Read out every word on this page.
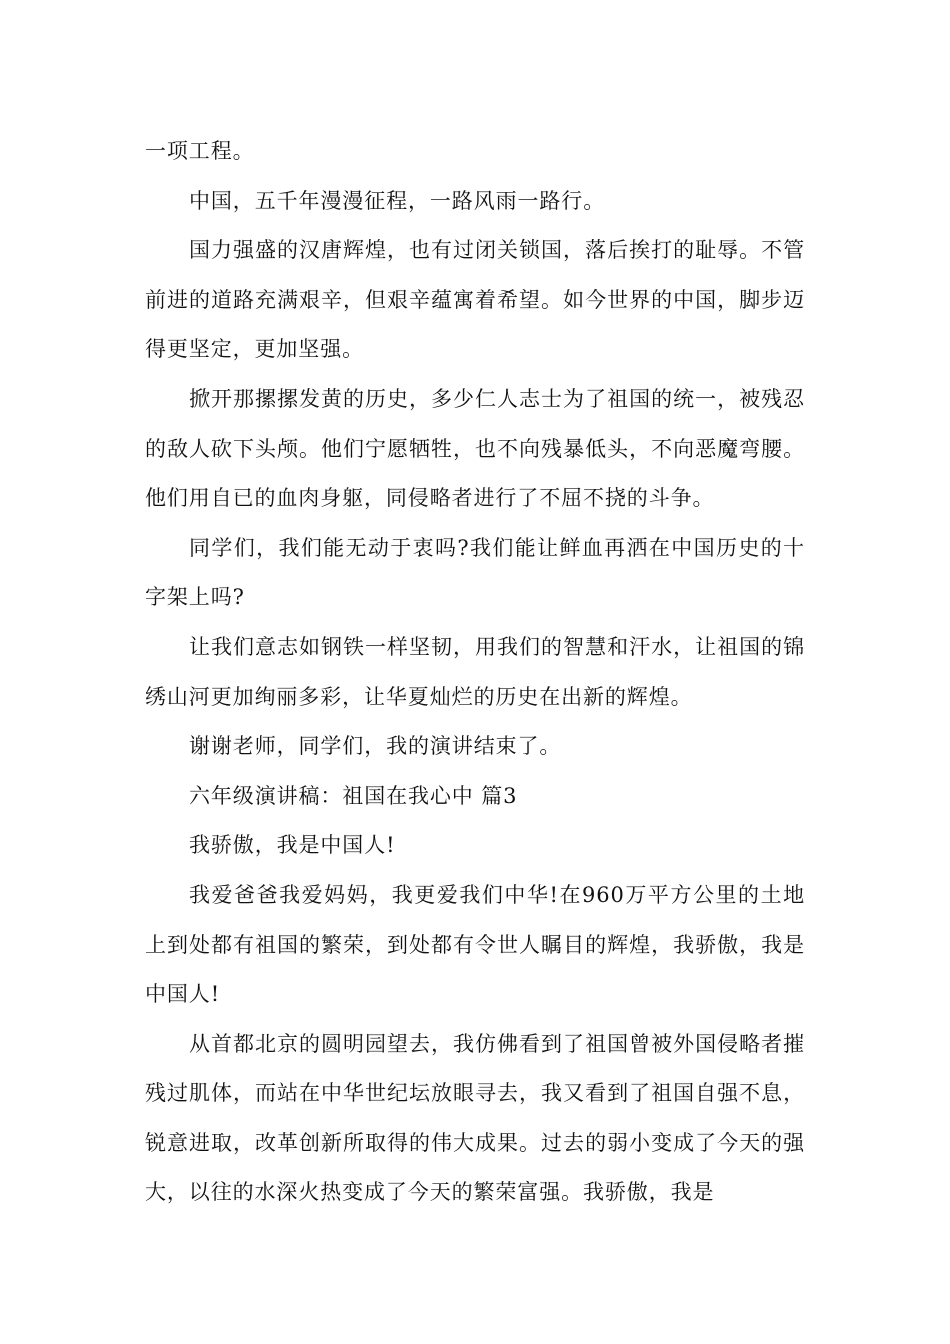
一项工程。

中国，五千年漫漫征程，一路风雨一路行。

国力强盛的汉唐辉煌，也有过闭关锁国，落后挨打的耻辱。不管前进的道路充满艰辛，但艰辛蕴寓着希望。如今世界的中国，脚步迈得更坚定，更加坚强。

掀开那摞摞发黄的历史，多少仁人志士为了祖国的统一，被残忍的敌人砍下头颅。他们宁愿牺牲，也不向残暴低头，不向恶魔弯腰。他们用自已的血肉身躯，同侵略者进行了不屈不挠的斗争。

同学们，我们能无动于衷吗?我们能让鲜血再洒在中国历史的十字架上吗?

让我们意志如钢铁一样坚韧，用我们的智慧和汗水，让祖国的锦绣山河更加绚丽多彩，让华夏灿烂的历史在出新的辉煌。

谢谢老师，同学们，我的演讲结束了。

六年级演讲稿：祖国在我心中 篇3

我骄傲，我是中国人!

我爱爸爸我爱妈妈，我更爱我们中华!在960万平方公里的土地上到处都有祖国的繁荣，到处都有令世人瞩目的辉煌，我骄傲，我是中国人!

从首都北京的圆明园望去，我仿佛看到了祖国曾被外国侵略者摧残过肌体，而站在中华世纪坛放眼寻去，我又看到了祖国自强不息，锐意进取，改革创新所取得的伟大成果。过去的弱小变成了今天的强大，以往的水深火热变成了今天的繁荣富强。我骄傲，我是
